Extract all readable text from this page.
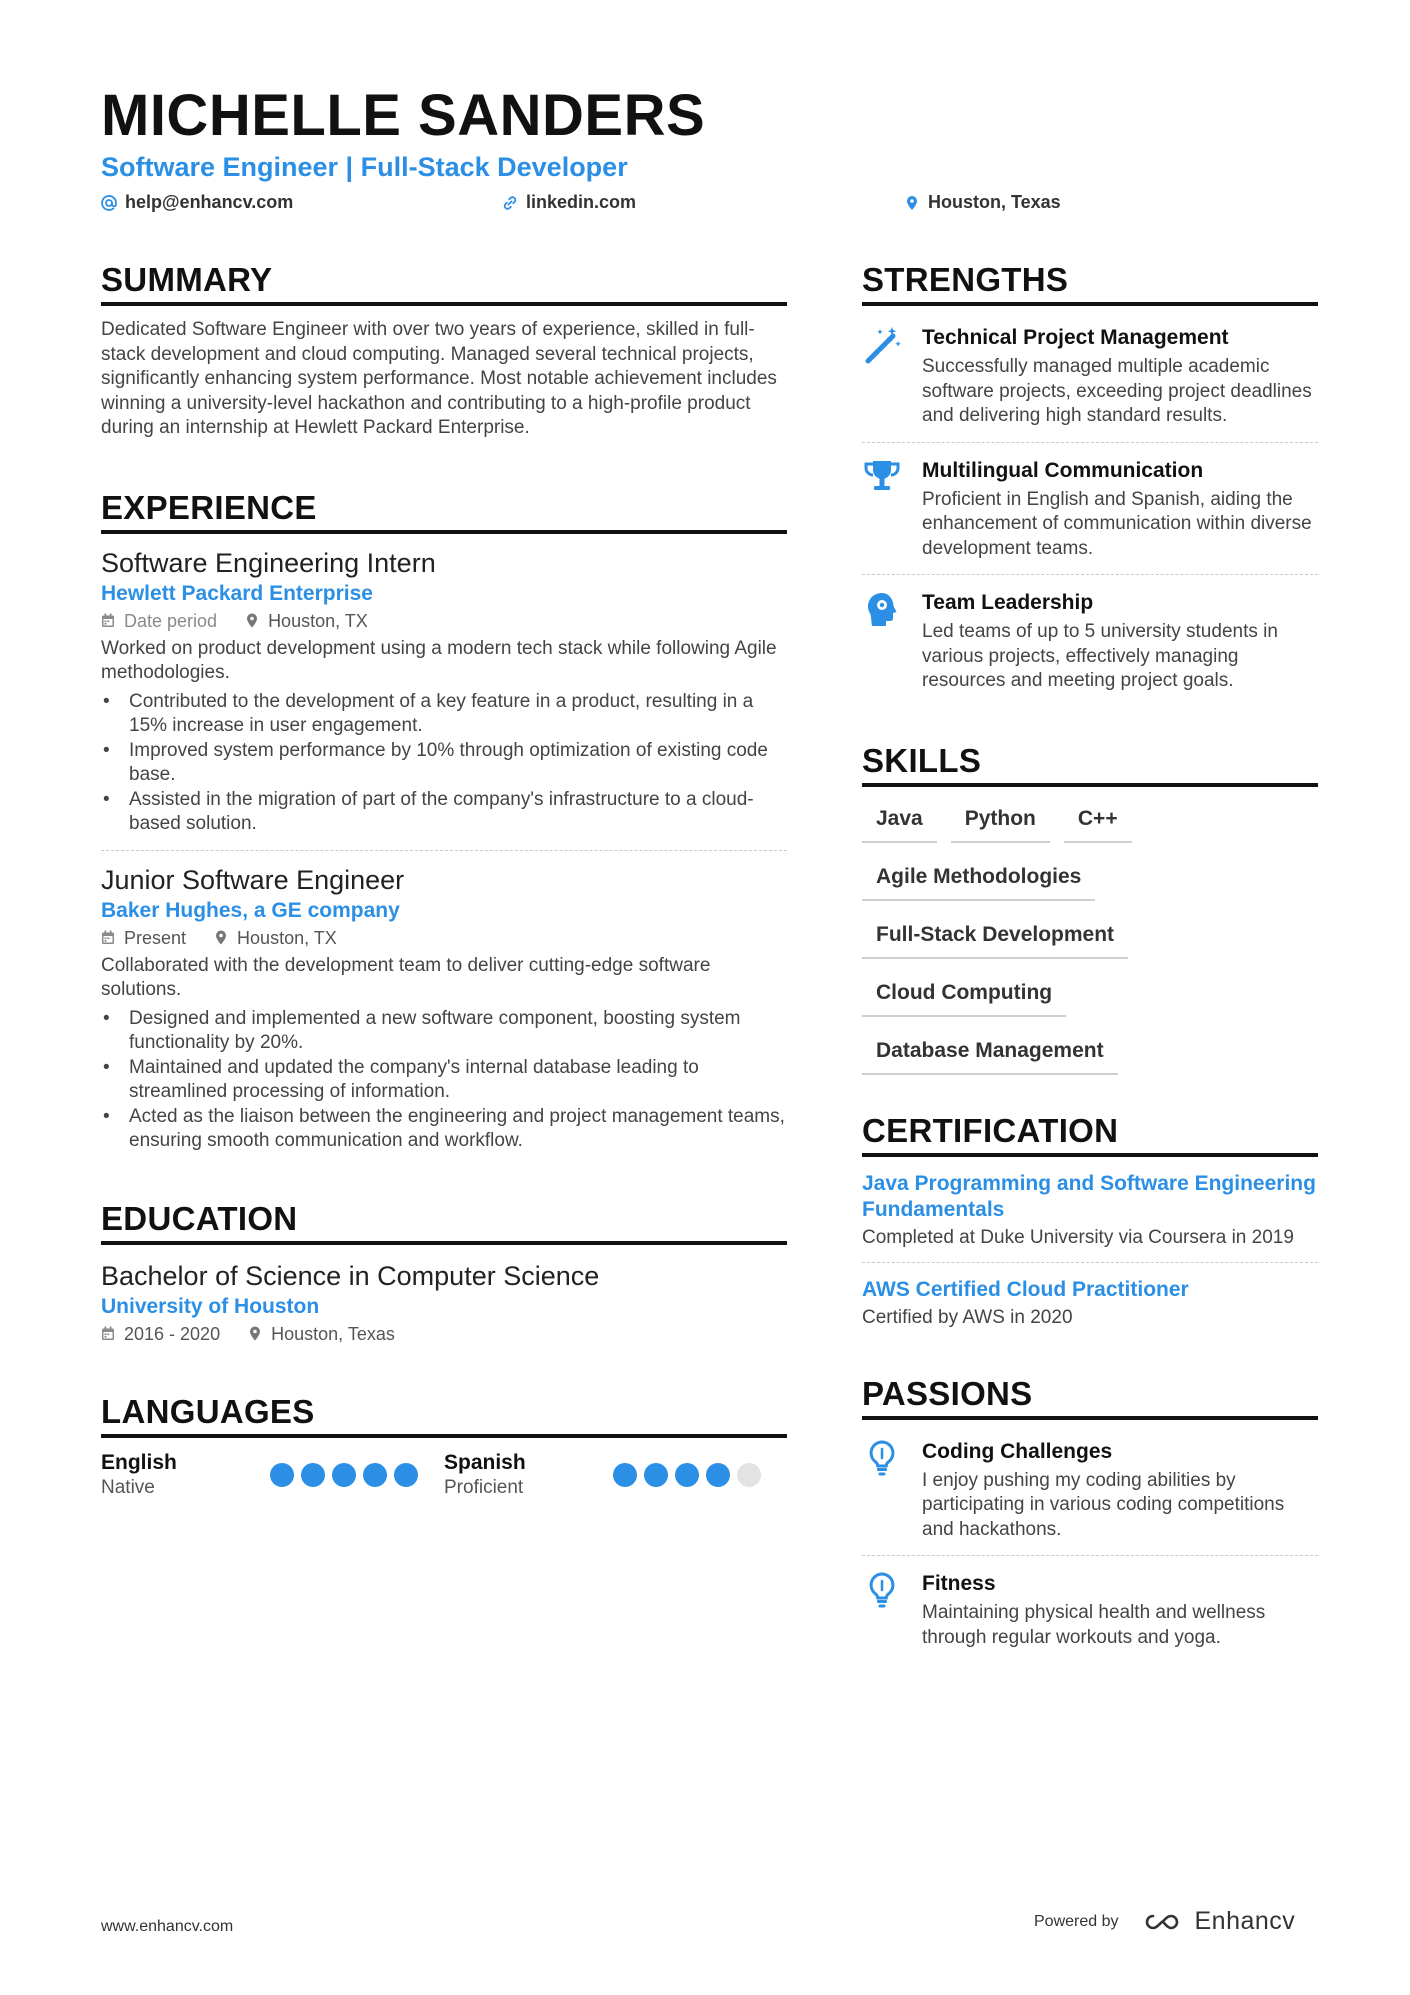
MICHELLE SANDERS
Software Engineer | Full-Stack Developer
help@enhancv.com	linkedin.com	Houston, Texas
SUMMARY
Dedicated Software Engineer with over two years of experience, skilled in full-stack development and cloud computing. Managed several technical projects, significantly enhancing system performance. Most notable achievement includes winning a university-level hackathon and contributing to a high-profile product during an internship at Hewlett Packard Enterprise.
EXPERIENCE
Software Engineering Intern
Hewlett Packard Enterprise
Date period	Houston, TX
Worked on product development using a modern tech stack while following Agile methodologies.
• Contributed to the development of a key feature in a product, resulting in a 15% increase in user engagement.
• Improved system performance by 10% through optimization of existing code base.
• Assisted in the migration of part of the company's infrastructure to a cloud-based solution.
Junior Software Engineer
Baker Hughes, a GE company
Present	Houston, TX
Collaborated with the development team to deliver cutting-edge software solutions.
• Designed and implemented a new software component, boosting system functionality by 20%.
• Maintained and updated the company's internal database leading to streamlined processing of information.
• Acted as the liaison between the engineering and project management teams, ensuring smooth communication and workflow.
EDUCATION
Bachelor of Science in Computer Science
University of Houston
2016 - 2020	Houston, Texas
LANGUAGES
English
Native
Spanish
Proficient
STRENGTHS
Technical Project Management
Successfully managed multiple academic software projects, exceeding project deadlines and delivering high standard results.
Multilingual Communication
Proficient in English and Spanish, aiding the enhancement of communication within diverse development teams.
Team Leadership
Led teams of up to 5 university students in various projects, effectively managing resources and meeting project goals.
SKILLS
Java	Python	C++
Agile Methodologies
Full-Stack Development
Cloud Computing
Database Management
CERTIFICATION
Java Programming and Software Engineering Fundamentals
Completed at Duke University via Coursera in 2019
AWS Certified Cloud Practitioner
Certified by AWS in 2020
PASSIONS
Coding Challenges
I enjoy pushing my coding abilities by participating in various coding competitions and hackathons.
Fitness
Maintaining physical health and wellness through regular workouts and yoga.
www.enhancv.com	Powered by	Enhancv
